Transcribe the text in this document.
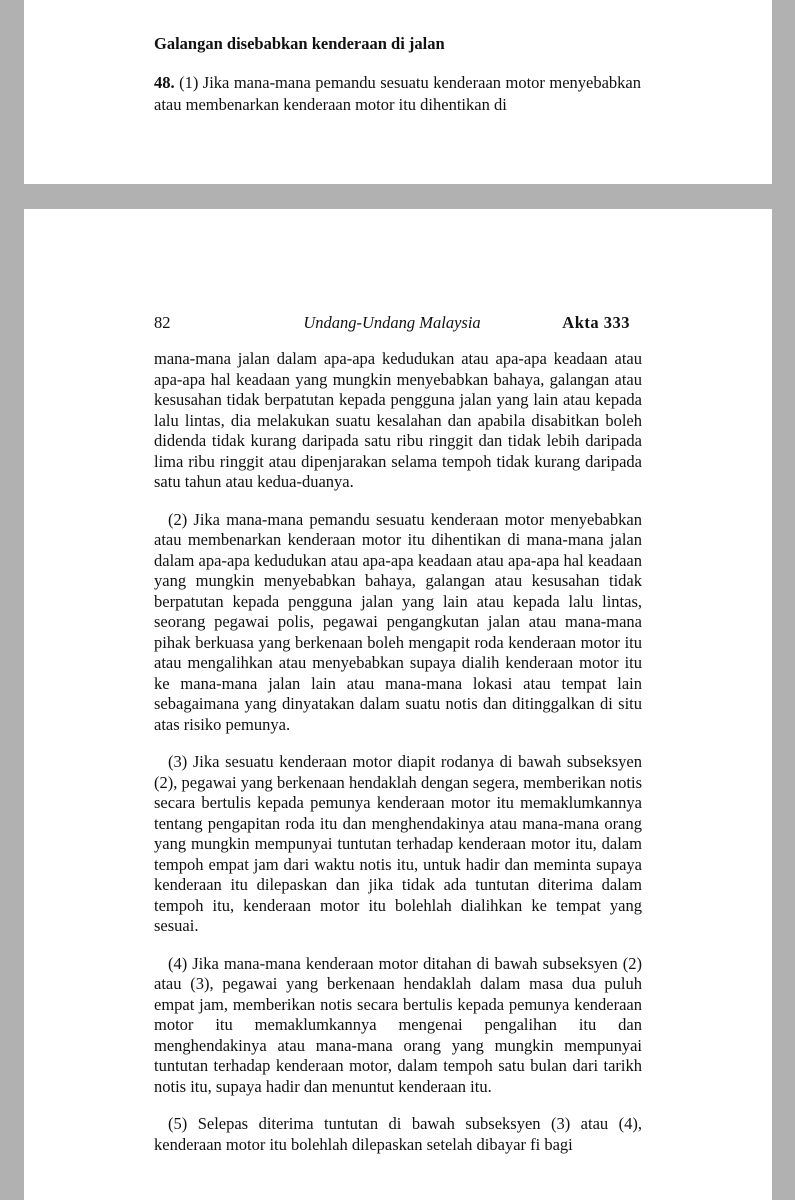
Galangan disebabkan kenderaan di jalan

48. (1) Jika mana-mana pemandu sesuatu kenderaan motor menyebabkan atau membenarkan kenderaan motor itu dihentikan di

82	Undang-Undang Malaysia	Akta 333

mana-mana jalan dalam apa-apa kedudukan atau apa-apa keadaan atau apa-apa hal keadaan yang mungkin menyebabkan bahaya, galangan atau kesusahan tidak berpatutan kepada pengguna jalan yang lain atau kepada lalu lintas, dia melakukan suatu kesalahan dan apabila disabitkan boleh didenda tidak kurang daripada satu ribu ringgit dan tidak lebih daripada lima ribu ringgit atau dipenjarakan selama tempoh tidak kurang daripada satu tahun atau kedua-duanya.

(2) Jika mana-mana pemandu sesuatu kenderaan motor menyebabkan atau membenarkan kenderaan motor itu dihentikan di mana-mana jalan dalam apa-apa kedudukan atau apa-apa keadaan atau apa-apa hal keadaan yang mungkin menyebabkan bahaya, galangan atau kesusahan tidak berpatutan kepada pengguna jalan yang lain atau kepada lalu lintas, seorang pegawai polis, pegawai pengangkutan jalan atau mana-mana pihak berkuasa yang berkenaan boleh mengapit roda kenderaan motor itu atau mengalihkan atau menyebabkan supaya dialih kenderaan motor itu ke mana-mana jalan lain atau mana-mana lokasi atau tempat lain sebagaimana yang dinyatakan dalam suatu notis dan ditinggalkan di situ atas risiko pemunya.

(3) Jika sesuatu kenderaan motor diapit rodanya di bawah subseksyen (2), pegawai yang berkenaan hendaklah dengan segera, memberikan notis secara bertulis kepada pemunya kenderaan motor itu memaklumkannya tentang pengapitan roda itu dan menghendakinya atau mana-mana orang yang mungkin mempunyai tuntutan terhadap kenderaan motor itu, dalam tempoh empat jam dari waktu notis itu, untuk hadir dan meminta supaya kenderaan itu dilepaskan dan jika tidak ada tuntutan diterima dalam tempoh itu, kenderaan motor itu bolehlah dialihkan ke tempat yang sesuai.

(4) Jika mana-mana kenderaan motor ditahan di bawah subseksyen (2) atau (3), pegawai yang berkenaan hendaklah dalam masa dua puluh empat jam, memberikan notis secara bertulis kepada pemunya kenderaan motor itu memaklumkannya mengenai pengalihan itu dan menghendakinya atau mana-mana orang yang mungkin mempunyai tuntutan terhadap kenderaan motor, dalam tempoh satu bulan dari tarikh notis itu, supaya hadir dan menuntut kenderaan itu.

(5) Selepas diterima tuntutan di bawah subseksyen (3) atau (4), kenderaan motor itu bolehlah dilepaskan setelah dibayar fi bagi
